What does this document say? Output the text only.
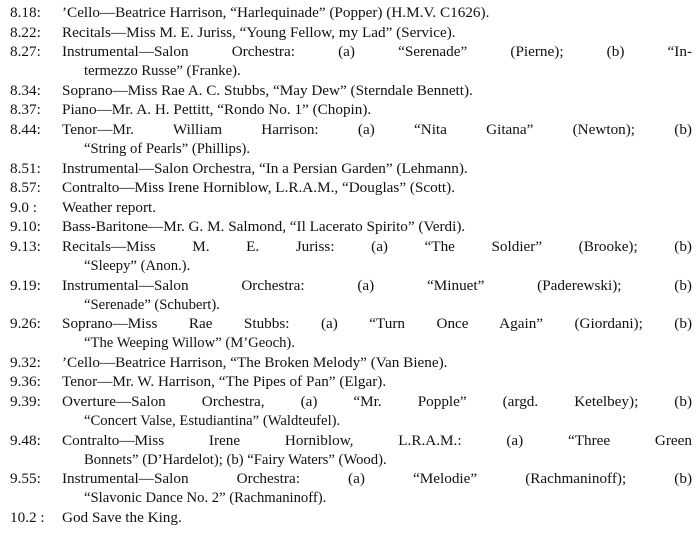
8.18:	’Cello—Beatrice Harrison, “Harlequinade” (Popper) (H.M.V. C1626).
8.22:	Recitals—Miss M. E. Juriss, “Young Fellow, my Lad” (Service).
8.27:	Instrumental—Salon Orchestra: (a) “Serenade” (Pierne); (b) “In-
termezzo Russe” (Franke).
8.34:	Soprano—Miss Rae A. C. Stubbs, “May Dew” (Sterndale Bennett).
8.37:	Piano—Mr. A. H. Pettitt, “Rondo No. 1” (Chopin).
8.44:	Tenor—Mr. William Harrison: (a) “Nita Gitana” (Newton); (b)
“String of Pearls” (Phillips).
8.51:	Instrumental—Salon Orchestra, “In a Persian Garden” (Lehmann).
8.57:	Contralto—Miss Irene Horniblow, L.R.A.M., “Douglas” (Scott).
9.0 :	Weather report.
9.10:	Bass-Baritone—Mr. G. M. Salmond, “Il Lacerato Spirito” (Verdi).
9.13:	Recitals—Miss M. E. Juriss: (a) “The Soldier” (Brooke); (b)
“Sleepy” (Anon.).
9.19:	Instrumental—Salon Orchestra: (a) “Minuet” (Paderewski); (b)
“Serenade” (Schubert).
9.26:	Soprano—Miss Rae Stubbs: (a) “Turn Once Again” (Giordani); (b)
“The Weeping Willow” (M’Geoch).
9.32:	’Cello—Beatrice Harrison, “The Broken Melody” (Van Biene).
9.36:	Tenor—Mr. W. Harrison, “The Pipes of Pan” (Elgar).
9.39:	Overture—Salon Orchestra, (a) “Mr. Popple” (argd. Ketelbey); (b)
“Concert Valse, Estudiantina” (Waldteufel).
9.48:	Contralto—Miss Irene Horniblow, L.R.A.M.: (a) “Three Green
Bonnets” (D’Hardelot); (b) “Fairy Waters” (Wood).
9.55:	Instrumental—Salon Orchestra: (a) “Melodie” (Rachmaninoff); (b)
“Slavonic Dance No. 2” (Rachmaninoff).
10.2 :	God Save the King.
